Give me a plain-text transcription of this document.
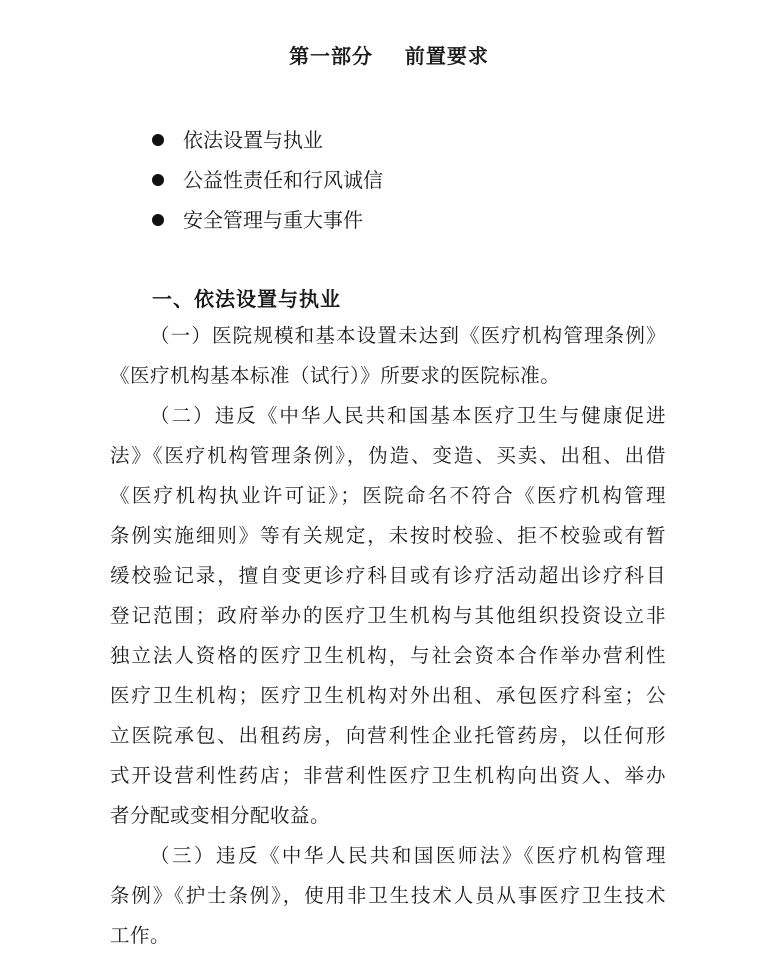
第一部分    前置要求
依法设置与执业
公益性责任和行风诚信
安全管理与重大事件
一、依法设置与执业

（一）医院规模和基本设置未达到《医疗机构管理条例》
《医疗机构基本标准（试行）》所要求的医院标准。

（二）违反《中华人民共和国基本医疗卫生与健康促进
法》《医疗机构管理条例》，伪造、变造、买卖、出租、出借
《医疗机构执业许可证》；医院命名不符合《医疗机构管理
条例实施细则》等有关规定，未按时校验、拒不校验或有暂
缓校验记录，擅自变更诊疗科目或有诊疗活动超出诊疗科目
登记范围；政府举办的医疗卫生机构与其他组织投资设立非
独立法人资格的医疗卫生机构，与社会资本合作举办营利性
医疗卫生机构；医疗卫生机构对外出租、承包医疗科室；公
立医院承包、出租药房，向营利性企业托管药房，以任何形
式开设营利性药店；非营利性医疗卫生机构向出资人、举办
者分配或变相分配收益。

（三）违反《中华人民共和国医师法》《医疗机构管理
条例》《护士条例》，使用非卫生技术人员从事医疗卫生技术
工作。
